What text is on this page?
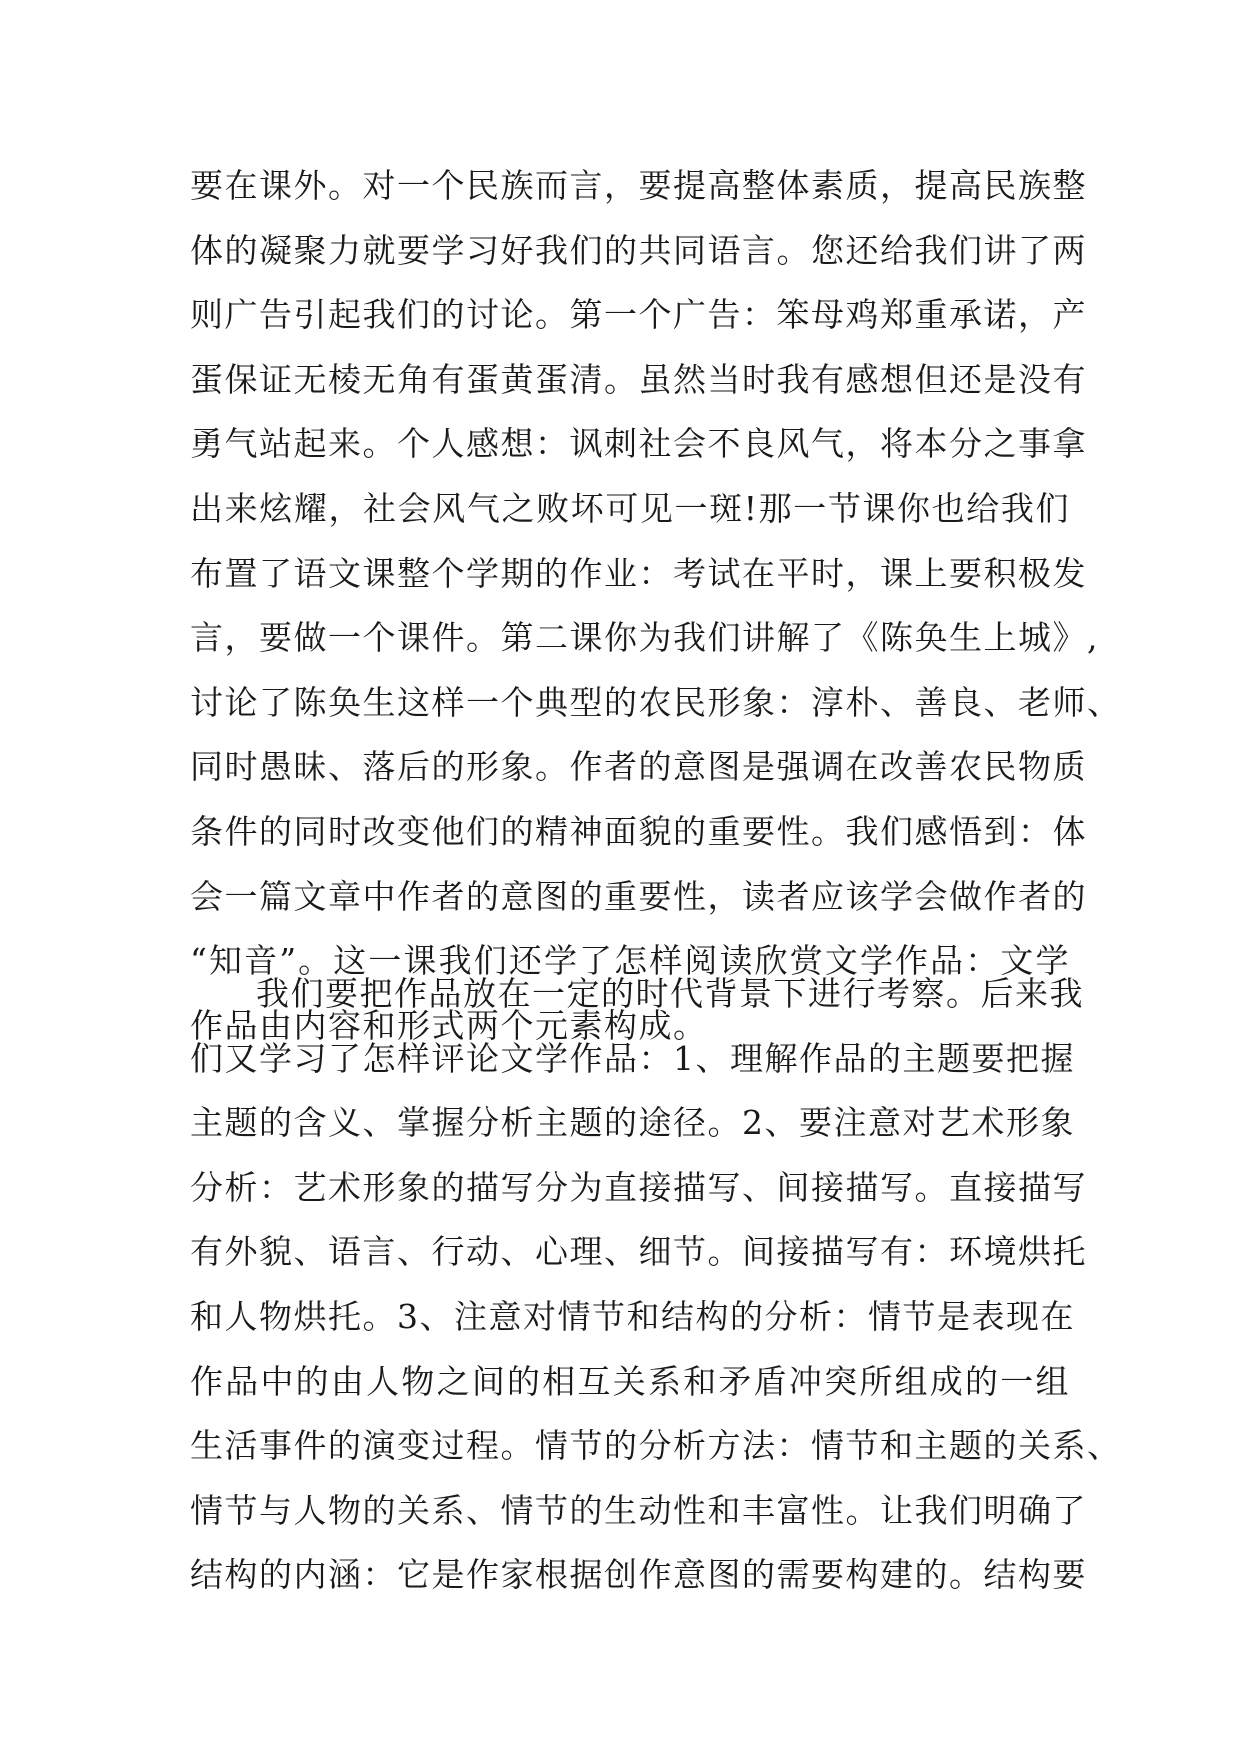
要在课外。对一个民族而言，要提高整体素质，提高民族整
体的凝聚力就要学习好我们的共同语言。您还给我们讲了两
则广告引起我们的讨论。第一个广告：笨母鸡郑重承诺，产
蛋保证无棱无角有蛋黄蛋清。虽然当时我有感想但还是没有
勇气站起来。个人感想：讽刺社会不良风气，将本分之事拿
出来炫耀，社会风气之败坏可见一斑!那一节课你也给我们
布置了语文课整个学期的作业：考试在平时，课上要积极发
言，要做一个课件。第二课你为我们讲解了《陈奂生上城》,
讨论了陈奂生这样一个典型的农民形象：淳朴、善良、老师、
同时愚昧、落后的形象。作者的意图是强调在改善农民物质
条件的同时改变他们的精神面貌的重要性。我们感悟到：体
会一篇文章中作者的意图的重要性，读者应该学会做作者的
“知音”。这一课我们还学了怎样阅读欣赏文学作品：文学
作品由内容和形式两个元素构成。
我们要把作品放在一定的时代背景下进行考察。后来我
们又学习了怎样评论文学作品：1、理解作品的主题要把握
主题的含义、掌握分析主题的途径。2、要注意对艺术形象
分析：艺术形象的描写分为直接描写、间接描写。直接描写
有外貌、语言、行动、心理、细节。间接描写有：环境烘托
和人物烘托。3、注意对情节和结构的分析：情节是表现在
作品中的由人物之间的相互关系和矛盾冲突所组成的一组
生活事件的演变过程。情节的分析方法：情节和主题的关系、
情节与人物的关系、情节的生动性和丰富性。让我们明确了
结构的内涵：它是作家根据创作意图的需要构建的。结构要
